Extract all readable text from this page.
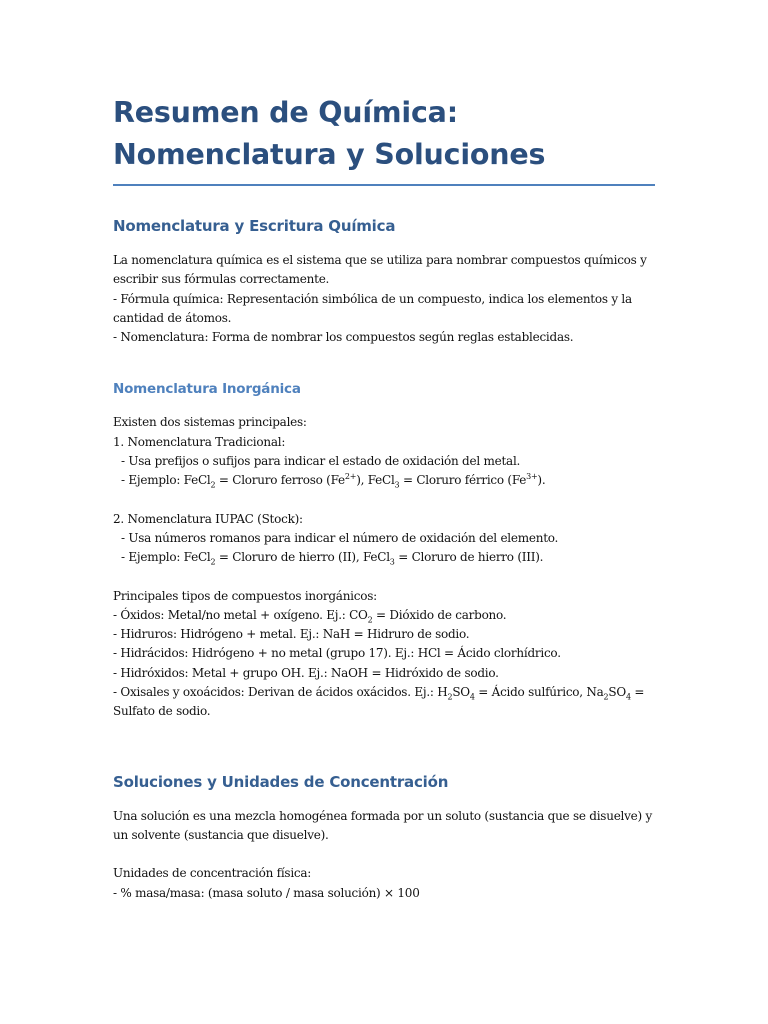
Resumen de Química: Nomenclatura y Soluciones
Nomenclatura y Escritura Química
La nomenclatura química es el sistema que se utiliza para nombrar compuestos químicos y escribir sus fórmulas correctamente.
- Fórmula química: Representación simbólica de un compuesto, indica los elementos y la cantidad de átomos.
- Nomenclatura: Forma de nombrar los compuestos según reglas establecidas.
Nomenclatura Inorgánica
Existen dos sistemas principales:
1. Nomenclatura Tradicional:
- Usa prefijos o sufijos para indicar el estado de oxidación del metal.
- Ejemplo: FeCl$_2$ = Cloruro ferroso $(Fe^{2+})$, FeCl$_3$ = Cloruro férrico $(Fe^{3+})$.
2. Nomenclatura IUPAC (Stock):
- Usa números romanos para indicar el número de oxidación del elemento.
- Ejemplo: FeCl$_2$ = Cloruro de hierro (II), FeCl$_3$ = Cloruro de hierro (III).
Principales tipos de compuestos inorgánicos:
- Óxidos: Metal/no metal + oxígeno. Ej.: $CO_2$ = Dióxido de carbono.
- Hidruros: Hidrógeno + metal. Ej.: NaH = Hidruro de sodio.
- Hidrácidos: Hidrógeno + no metal (grupo 17). Ej.: HCl = Ácido clorhídrico.
- Hidróxidos: Metal + grupo OH. Ej.: NaOH = Hidróxido de sodio.
- Oxisales y oxoácidos: Derivan de ácidos oxácidos. Ej.: $H_2SO_4$ = Ácido sulfúrico, $Na_2SO_4$ = Sulfato de sodio.
Soluciones y Unidades de Concentración
Una solución es una mezcla homogénea formada por un soluto (sustancia que se disuelve) y un solvente (sustancia que disuelve).
Unidades de concentración física:
- % masa/masa: (masa soluto / masa solución) × 100
